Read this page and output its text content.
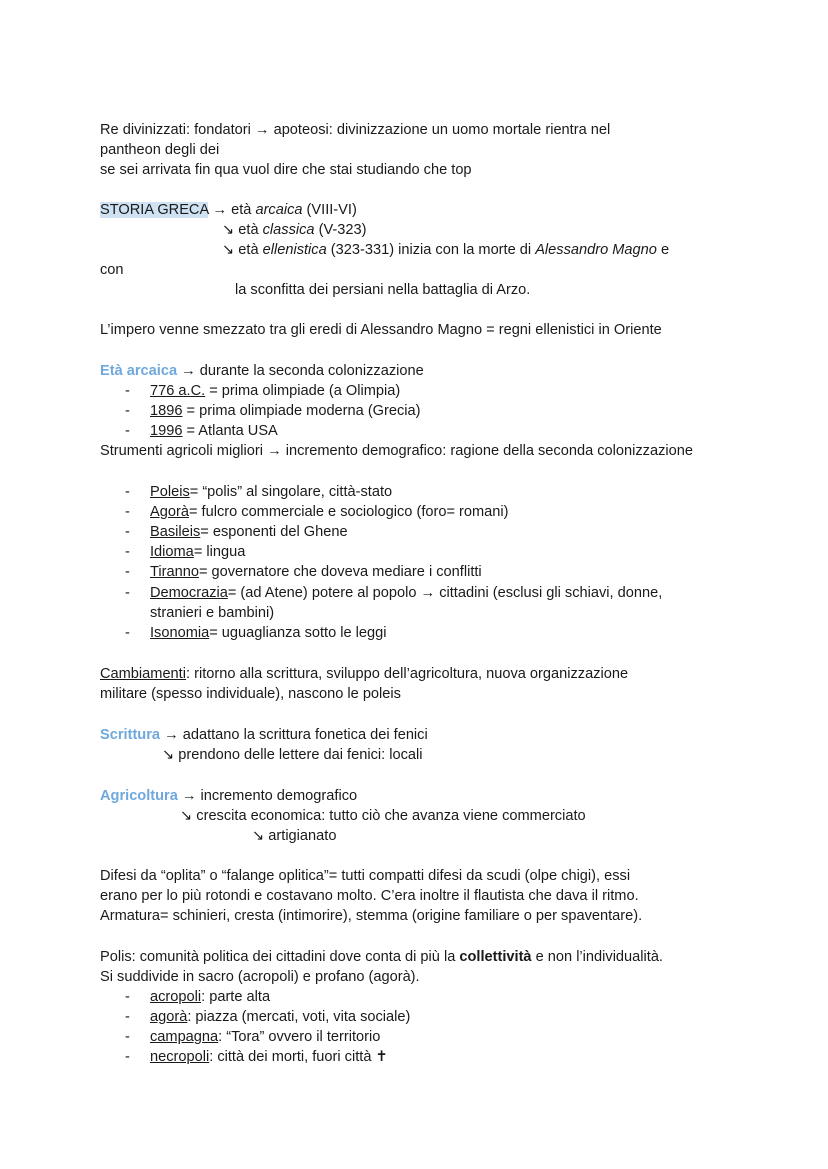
Re divinizzati: fondatori → apoteosi: divinizzazione un uomo mortale rientra nel
pantheon degli dei
se sei arrivata fin qua vuol dire che stai studiando che top
STORIA GRECA → età arcaica (VIII-VI)
↘ età classica (V-323)
↘ età ellenistica (323-331) inizia con la morte di Alessandro Magno e
con
la sconfitta dei persiani nella battaglia di Arzo.
L’impero venne smezzato tra gli eredi di Alessandro Magno = regni ellenistici in Oriente
Età arcaica → durante la seconda colonizzazione
- 776 a.C. = prima olimpiade (a Olimpia)
- 1896 = prima olimpiade moderna (Grecia)
- 1996 = Atlanta USA
Strumenti agricoli migliori → incremento demografico: ragione della seconda colonizzazione
- Poleis= “polis” al singolare, città-stato
- Agorà= fulcro commerciale e sociologico (foro= romani)
- Basileis= esponenti del Ghene
- Idioma= lingua
- Tiranno= governatore che doveva mediare i conflitti
- Democrazia= (ad Atene) potere al popolo → cittadini (esclusi gli schiavi, donne,
stranieri e bambini)
- Isonomia= uguaglianza sotto le leggi
Cambiamenti: ritorno alla scrittura, sviluppo dell’agricoltura, nuova organizzazione
militare (spesso individuale), nascono le poleis
Scrittura → adattano la scrittura fonetica dei fenici
↘ prendono delle lettere dai fenici: locali
Agricoltura → incremento demografico
↘ crescita economica: tutto ciò che avanza viene commerciato
↘ artigianato
Difesi da “oplita” o “falange oplitica”= tutti compatti difesi da scudi (olpe chigi), essi
erano per lo più rotondi e costavano molto. C’era inoltre il flautista che dava il ritmo.
Armatura= schinieri, cresta (intimorire), stemma (origine familiare o per spaventare).
Polis: comunità politica dei cittadini dove conta di più la collettività e non l’individualità.
Si suddivide in sacro (acropoli) e profano (agorà).
- acropoli: parte alta
- agorà: piazza (mercati, voti, vita sociale)
- campagna: “Tora” ovvero il territorio
- necropoli: città dei morti, fuori città ✝
